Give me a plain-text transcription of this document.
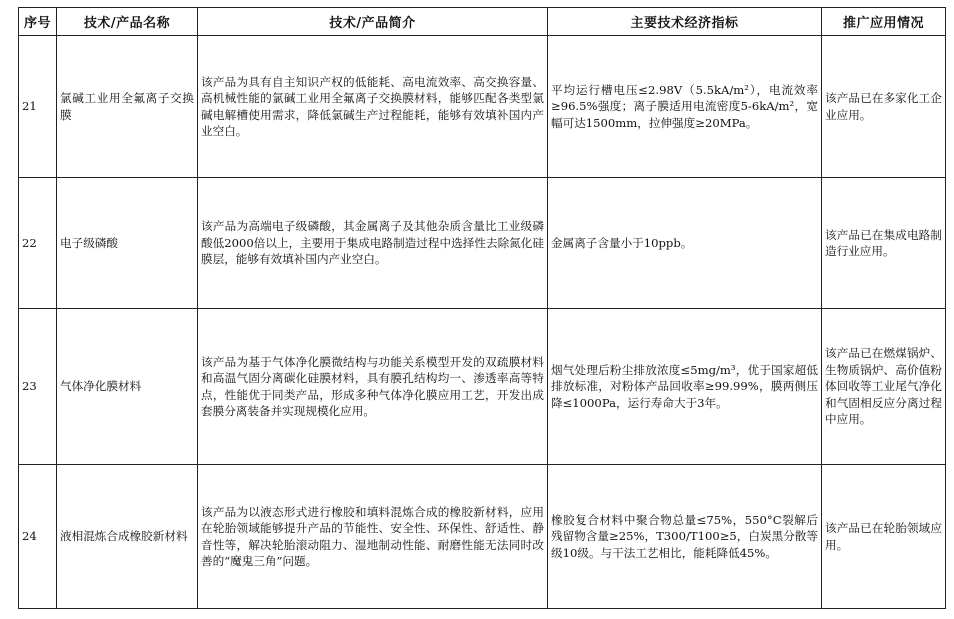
序号	技术/产品名称	技术/产品简介	主要技术经济指标	推广应用情况
21	氯碱工业用全氟离子交换膜	该产品为具有自主知识产权的低能耗、高电流效率、高交换容量、高机械性能的氯碱工业用全氟离子交换膜材料，能够匹配各类型氯碱电解槽使用需求，降低氯碱生产过程能耗，能够有效填补国内产业空白。	平均运行槽电压≤2.98V（5.5kA/m²），电流效率≥96.5%强度；离子膜适用电流密度5-6kA/m²，宽幅可达1500mm，拉伸强度≥20MPa。	该产品已在多家化工企业应用。
22	电子级磷酸	该产品为高端电子级磷酸，其金属离子及其他杂质含量比工业级磷酸低2000倍以上，主要用于集成电路制造过程中选择性去除氮化硅膜层，能够有效填补国内产业空白。	金属离子含量小于10ppb。	该产品已在集成电路制造行业应用。
23	气体净化膜材料	该产品为基于气体净化膜微结构与功能关系模型开发的双疏膜材料和高温气固分离碳化硅膜材料，具有膜孔结构均一、渗透率高等特点，性能优于同类产品，形成多种气体净化膜应用工艺，开发出成套膜分离装备并实现规模化应用。	烟气处理后粉尘排放浓度≤5mg/m³，优于国家超低排放标准，对粉体产品回收率≥99.99%，膜两侧压降≤1000Pa，运行寿命大于3年。	该产品已在燃煤锅炉、生物质锅炉、高价值粉体回收等工业尾气净化和气固相反应分离过程中应用。
24	液相混炼合成橡胶新材料	该产品为以液态形式进行橡胶和填料混炼合成的橡胶新材料，应用在轮胎领域能够提升产品的节能性、安全性、环保性、舒适性、静音性等，解决轮胎滚动阻力、湿地制动性能、耐磨性能无法同时改善的“魔鬼三角”问题。	橡胶复合材料中聚合物总量≤75%，550°C裂解后残留物含量≥25%，T300/T100≥5，白炭黑分散等级10级。与干法工艺相比，能耗降低45%。	该产品已在轮胎领域应用。
